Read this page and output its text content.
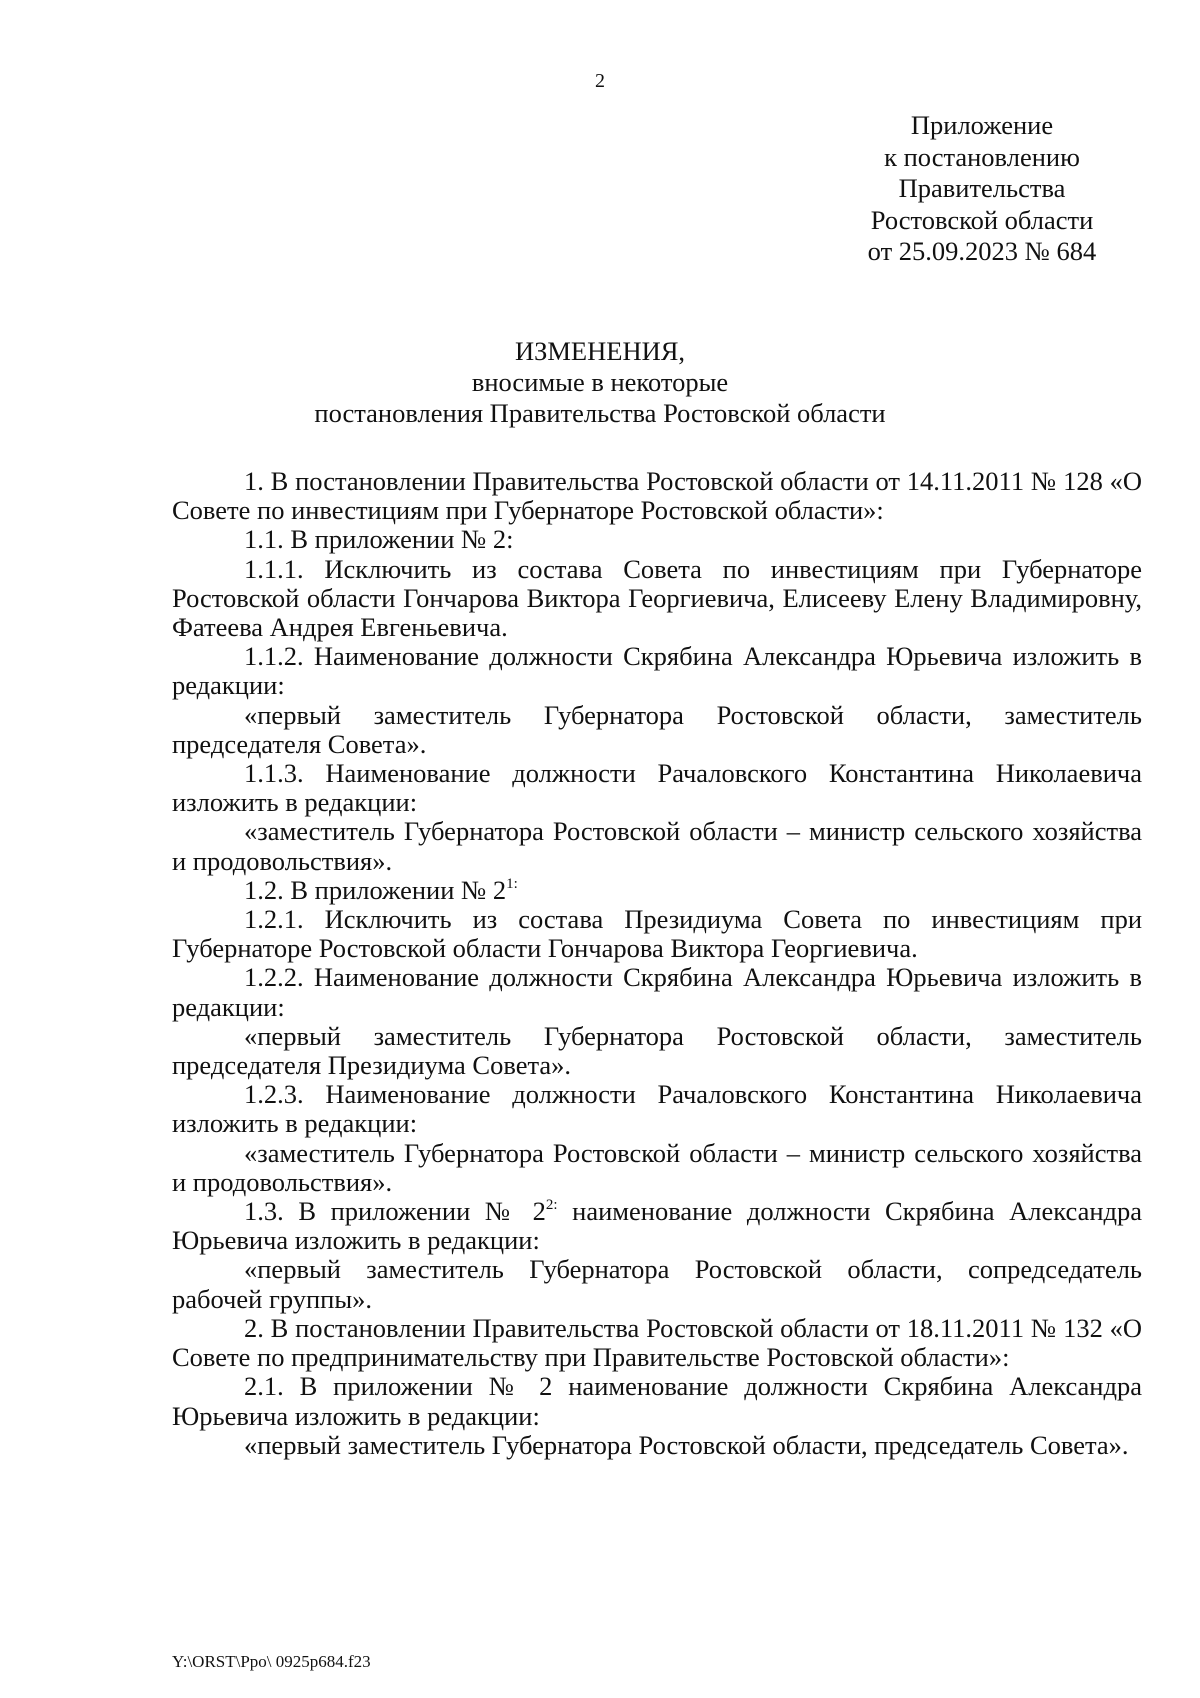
2
Приложение
к постановлению
Правительства
Ростовской области
от 25.09.2023 № 684
ИЗМЕНЕНИЯ,
вносимые в некоторые
постановления Правительства Ростовской области

1. В постановлении Правительства Ростовской области от 14.11.2011 № 128 «О Совете по инвестициям при Губернаторе Ростовской области»:

1.1. В приложении № 2:

1.1.1. Исключить из состава Совета по инвестициям при Губернаторе Ростовской области Гончарова Виктора Георгиевича, Елисееву Елену Владимировну, Фатеева Андрея Евгеньевича.

1.1.2. Наименование должности Скрябина Александра Юрьевича изложить в редакции:

«первый заместитель Губернатора Ростовской области, заместитель председателя Совета».

1.1.3. Наименование должности Рачаловского Константина Николаевича изложить в редакции:

«заместитель Губернатора Ростовской области – министр сельского хозяйства и продовольствия».

1.2. В приложении № $2^{1:}$

1.2.1. Исключить из состава Президиума Совета по инвестициям при Губернаторе Ростовской области Гончарова Виктора Георгиевича.

1.2.2. Наименование должности Скрябина Александра Юрьевича изложить в редакции:

«первый заместитель Губернатора Ростовской области, заместитель председателя Президиума Совета».

1.2.3. Наименование должности Рачаловского Константина Николаевича изложить в редакции:

«заместитель Губернатора Ростовской области – министр сельского хозяйства и продовольствия».

1.3. В приложении № $2^{2:}$ наименование должности Скрябина Александра Юрьевича изложить в редакции:

«первый заместитель Губернатора Ростовской области, сопредседатель рабочей группы».

2. В постановлении Правительства Ростовской области от 18.11.2011 № 132 «О Совете по предпринимательству при Правительстве Ростовской области»:

2.1. В приложении № 2 наименование должности Скрябина Александра Юрьевича изложить в редакции:

«первый заместитель Губернатора Ростовской области, председатель Совета».

Y:\ORST\Ppo\ 0925p684.f23
